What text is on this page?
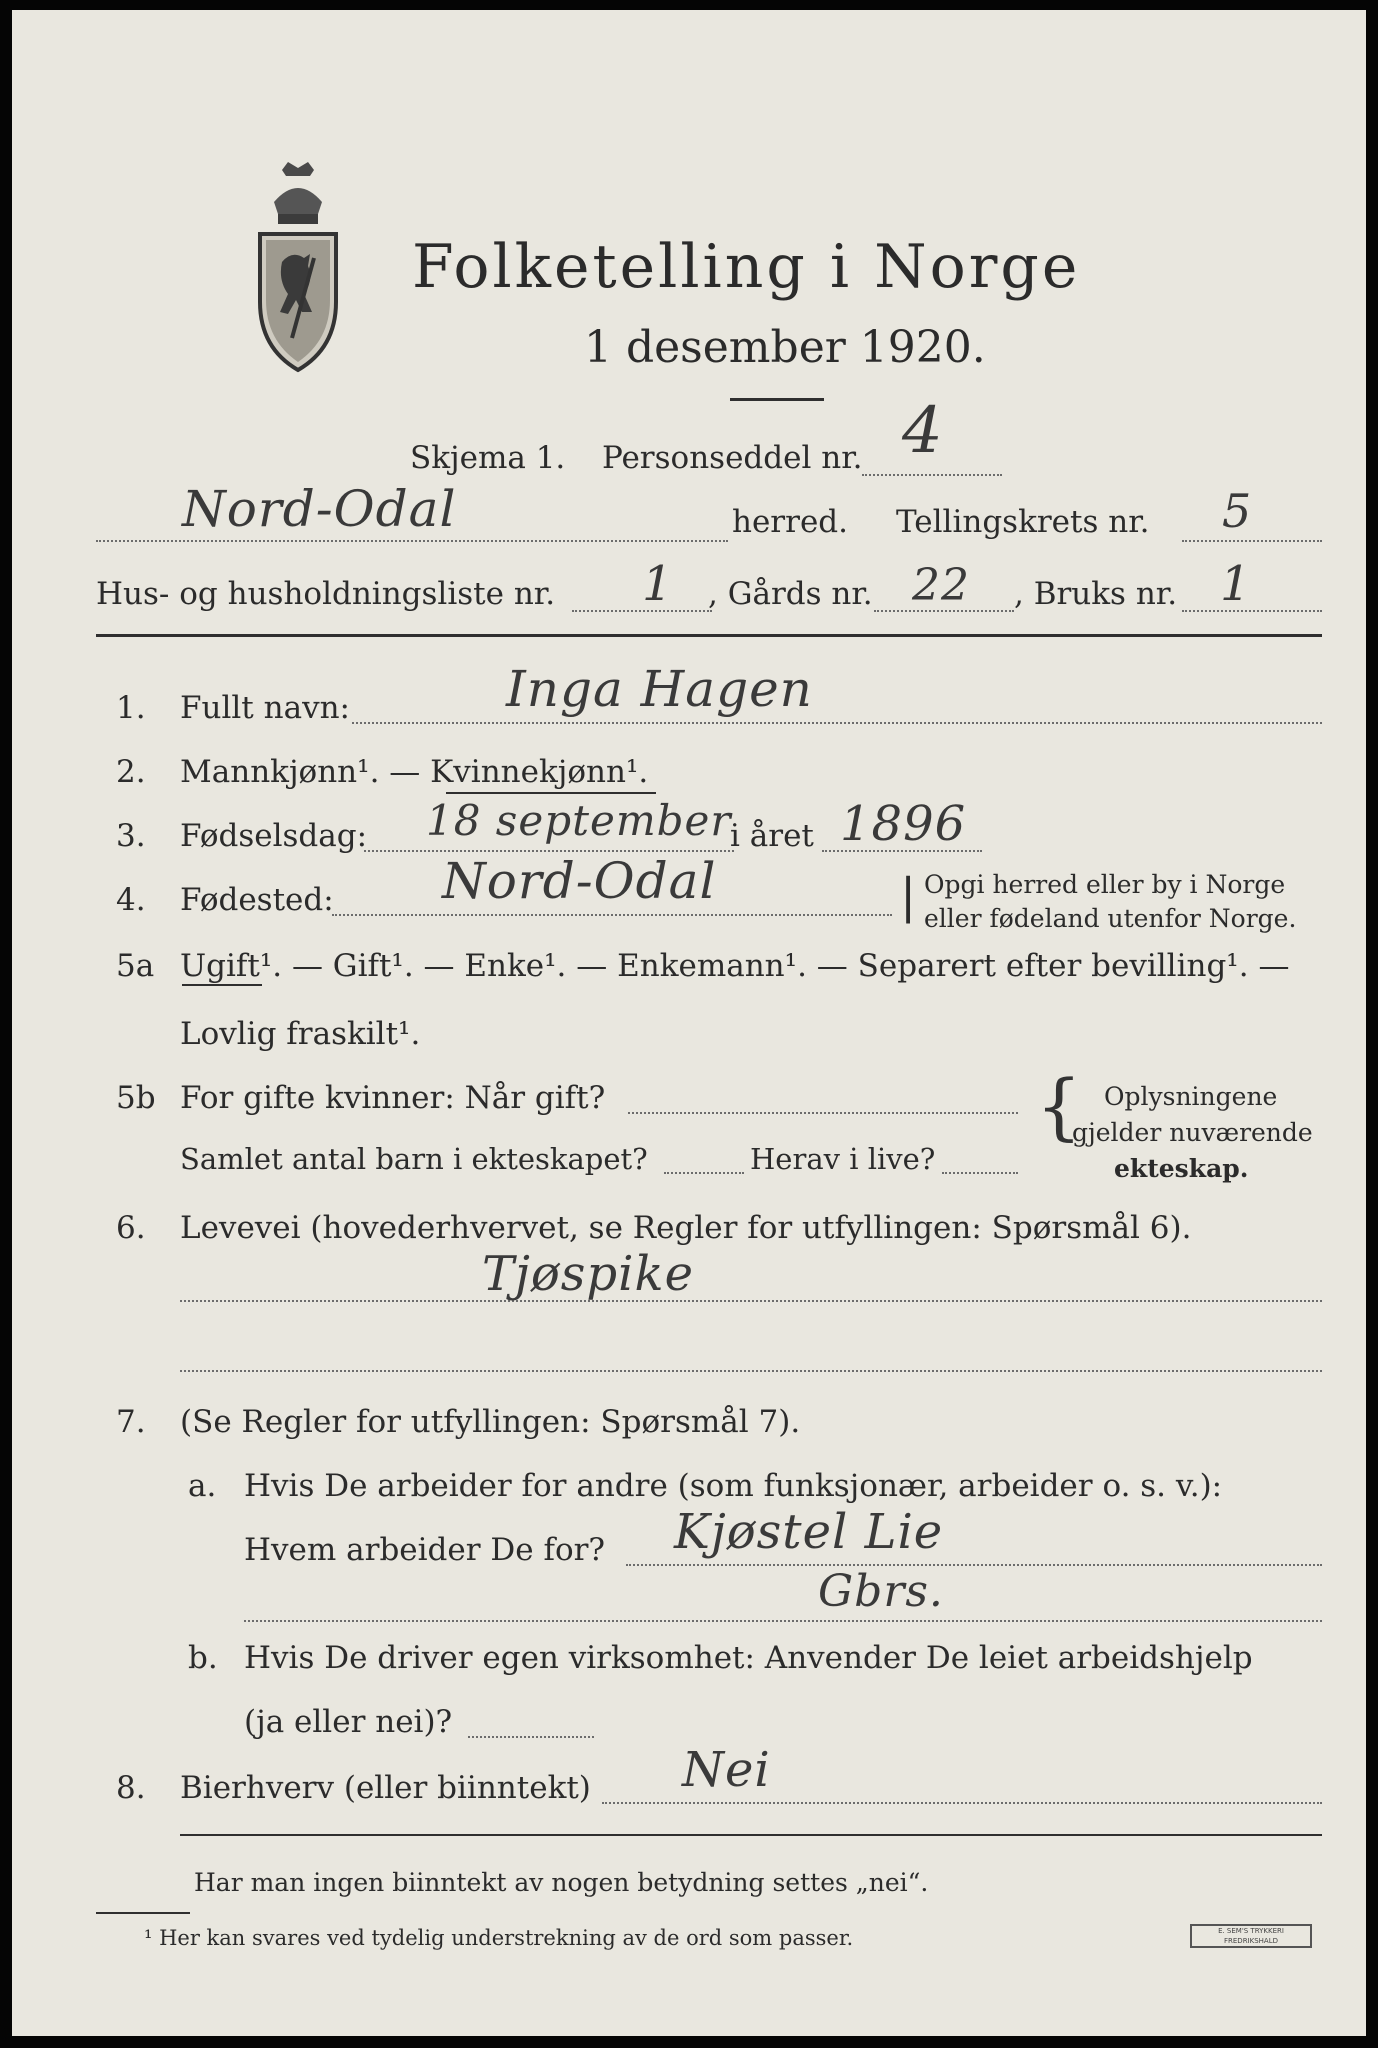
Folketelling i Norge
1 desember 1920.
Skjema 1. Personseddel nr. 4
Nord-Odal	herred. Tellingskrets nr. 5
Hus- og husholdningsliste nr. 1 , Gårds nr. 22 , Bruks nr. 1
1. Fullt navn:	Inga Hagen
2. Mannkjønn¹. — Kvinnekjønn¹.
3. Fødselsdag: 18 september
i året 1896
4. Fødested: Nord-Odal	| Opgi herred eller by i Norge
eller fødeland utenfor Norge.
5a Ugift¹. — Gift¹. — Enke¹. — Enkemann¹. — Separert efter bevilling¹. —
Lovlig fraskilt¹.
5b For gifte kvinner: Når gift?
Samlet antal barn i ekteskapet?	Herav i live?
{ Oplysningene
gjelder nuværende
ekteskap.
6. Levevei (hovederhvervet, se Regler for utfyllingen: Spørsmål 6).
Tjøspike
7. (Se Regler for utfyllingen: Spørsmål 7).
a. Hvis De arbeider for andre (som funksjonær, arbeider o. s. v.):
Hvem arbeider De for? Kjøstel Lie
Gbrs.
b. Hvis De driver egen virksomhet: Anvender De leiet arbeidshjelp
(ja eller nei)?
8. Bierhverv (eller biinntekt) Nei
Har man ingen biinntekt av nogen betydning settes „nei“.
¹ Her kan svares ved tydelig understrekning av de ord som passer.	E. SEM'S TRYKKERI FREDRIKSHALD
